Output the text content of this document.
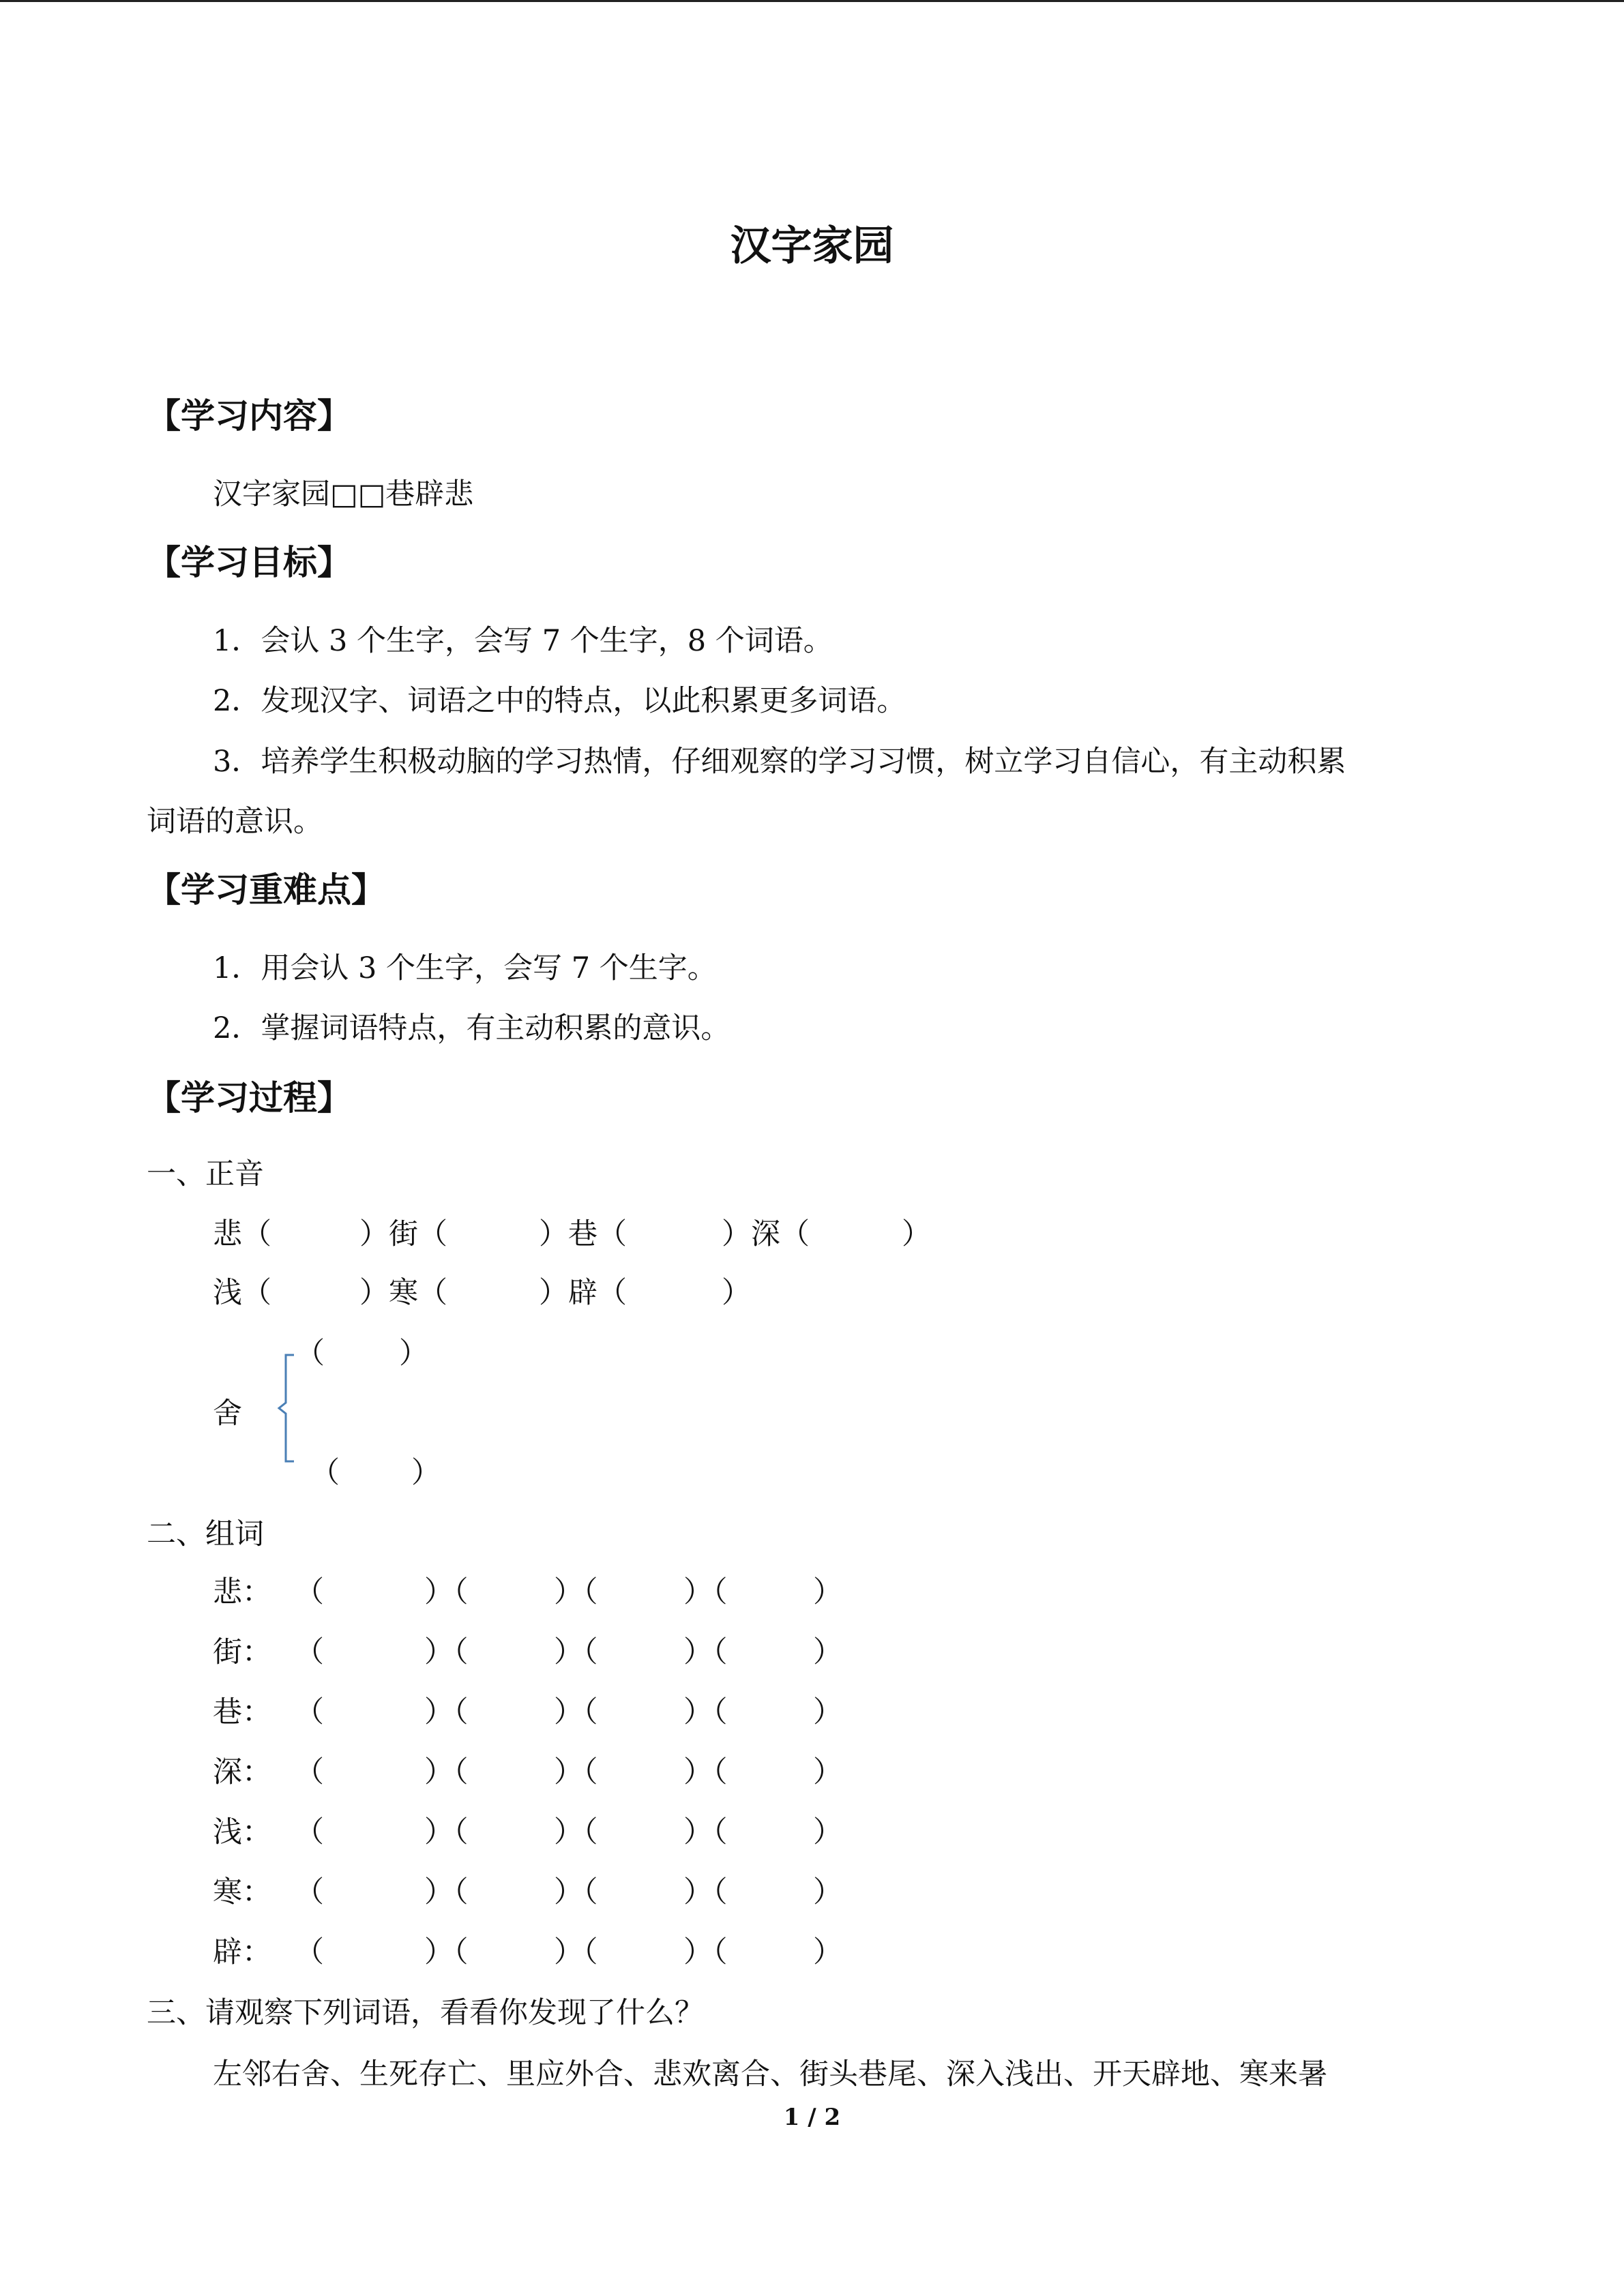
汉字家园
【学习内容】
汉字家园□□巷辟悲
【学习目标】
1．会认 3 个生字，会写 7 个生字，8 个词语。
2．发现汉字、词语之中的特点，以此积累更多词语。
3．培养学生积极动脑的学习热情，仔细观察的学习习惯，树立学习自信心，有主动积累
词语的意识。
【学习重难点】
1．用会认 3 个生字，会写 7 个生字。
2．掌握词语特点，有主动积累的意识。
【学习过程】
一、正音
悲（	）街（	）巷（	）深（	）
浅（	）寒（	）辟（	）
（	）
舍
（ ）
二、组词
悲： （	）（	）（	）（	）
街： （	）（	）（	）（	）
巷： （	）（	）（	）（	）
深： （	）（	）（	）（	）
浅： （	）（	）（	）（	）
寒： （	）（	）（	）（	）
辟： （	）（	）（	）（	）
三、请观察下列词语，看看你发现了什么？
左邻右舍、生死存亡、里应外合、悲欢离合、街头巷尾、深入浅出、开天辟地、寒来暑
1 / 2
